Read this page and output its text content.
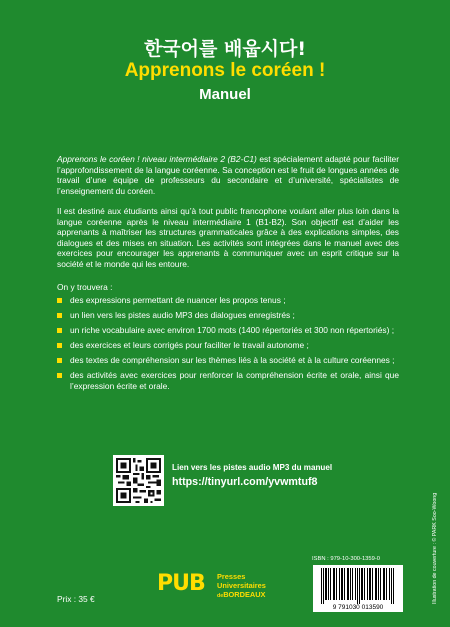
한국어를 배웁시다!
Apprenons le coréen !
Manuel

Apprenons le coréen ! niveau intermédiaire 2 (B2-C1) est spécialement adapté pour faciliter l’approfondissement de la langue coréenne. Sa conception est le fruit de longues années de travail d’une équipe de professeurs du secondaire et d’université, spécialistes de l’enseignement du coréen.

Il est destiné aux étudiants ainsi qu’à tout public francophone voulant aller plus loin dans la langue coréenne après le niveau intermédiaire 1 (B1-B2). Son objectif est d’aider les apprenants à maîtriser les structures grammaticales grâce à des explications simples, des dialogues et des mises en situation. Les activités sont intégrées dans le manuel avec des exercices pour encourager les apprenants à communiquer avec un esprit critique sur la société et le monde qui les entoure.

On y trouvera :

des expressions permettant de nuancer les propos tenus ;
un lien vers les pistes audio MP3 des dialogues enregistrés ;
un riche vocabulaire avec environ 1700 mots (1400 répertoriés et 300 non répertoriés) ;
des exercices et leurs corrigés pour faciliter le travail autonome ;
des textes de compréhension sur les thèmes liés à la société et à la culture coréennes ;
des activités avec exercices pour renforcer la compréhension écrite et orale, ainsi que l’expression écrite et orale.
Lien vers les pistes audio MP3 du manuel
https://tinyurl.com/yvwmtuf8
Illustration de couverture : © PARK Soo-Woong
ISBN : 979-10-300-1359-0
9 791030 013590
PUB Presses
Universitaires
deBORDEAUX
Prix : 35 €
